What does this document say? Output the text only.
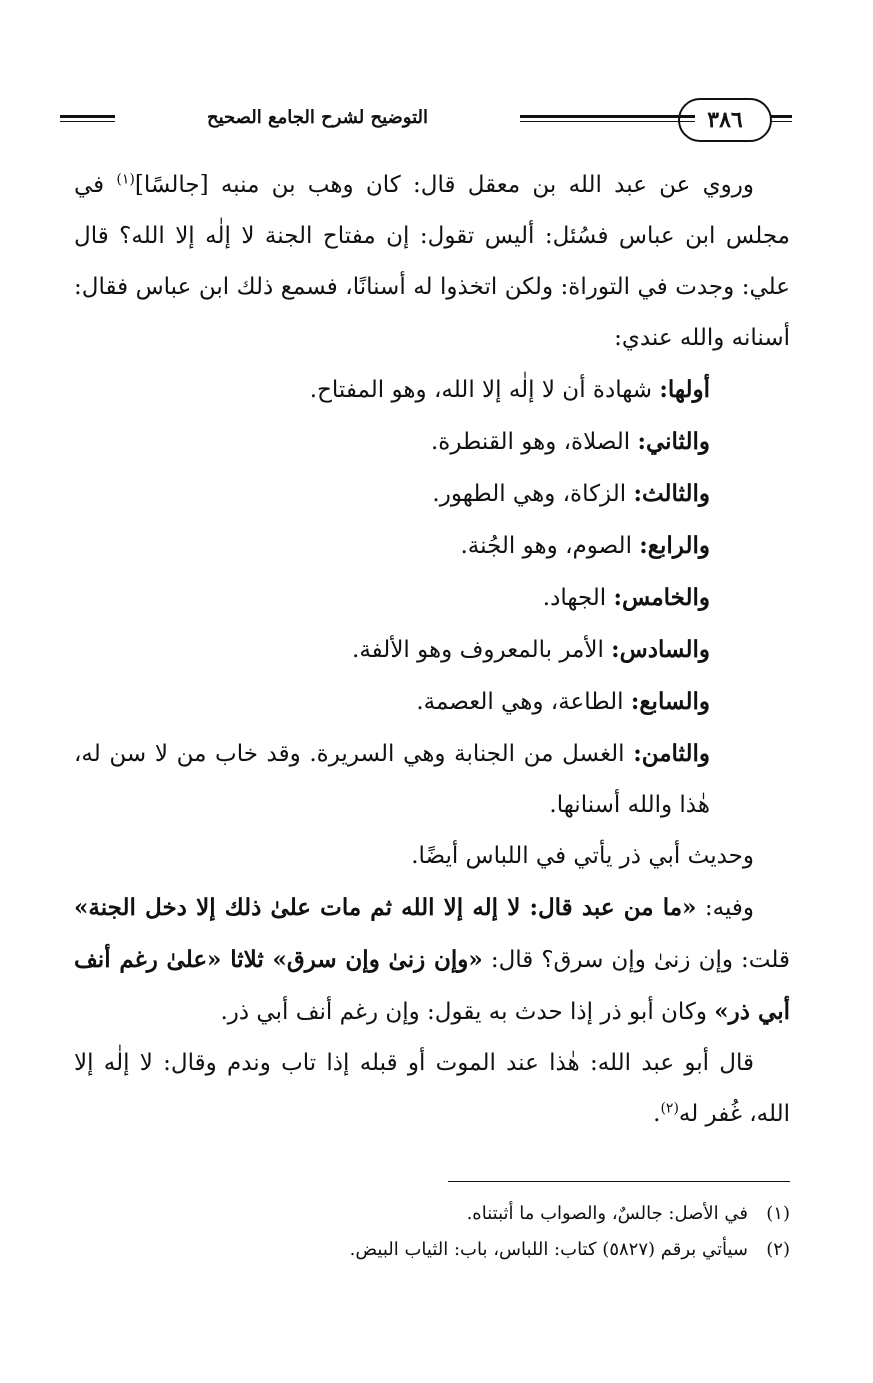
٣٨٦
التوضيح لشرح الجامع الصحيح

وروي عن عبد الله بن معقل قال: كان وهب بن منبه [جالسًا]$^{(١)}$ في مجلس ابن عباس فسُئل: أليس تقول: إن مفتاح الجنة لا إلٰه إلا الله؟ قال علي: وجدت في التوراة: ولكن اتخذوا له أسنانًا، فسمع ذلك ابن عباس فقال: أسنانه والله عندي:

أولها: شهادة أن لا إلٰه إلا الله، وهو المفتاح.

والثاني: الصلاة، وهو القنطرة.

والثالث: الزكاة، وهي الطهور.

والرابع: الصوم، وهو الجُنة.

والخامس: الجهاد.

والسادس: الأمر بالمعروف وهو الألفة.

والسابع: الطاعة، وهي العصمة.

والثامن: الغسل من الجنابة وهي السريرة. وقد خاب من لا سن له، هٰذا والله أسنانها.

وحديث أبي ذر يأتي في اللباس أيضًا.

وفيه: «ما من عبد قال: لا إله إلا الله ثم مات علىٰ ذلك إلا دخل الجنة» قلت: وإن زنىٰ وإن سرق؟ قال: «وإن زنىٰ وإن سرق» ثلاثا «علىٰ رغم أنف أبي ذر» وكان أبو ذر إذا حدث به يقول: وإن رغم أنف أبي ذر.

قال أبو عبد الله: هٰذا عند الموت أو قبله إذا تاب وندم وقال: لا إلٰه إلا الله، غُفر له$^{(٢)}$.

(١)
في الأصل: جالسٌ، والصواب ما أثبتناه.
(٢)
سيأتي برقم (٥٨٢٧) كتاب: اللباس، باب: الثياب البيض.
